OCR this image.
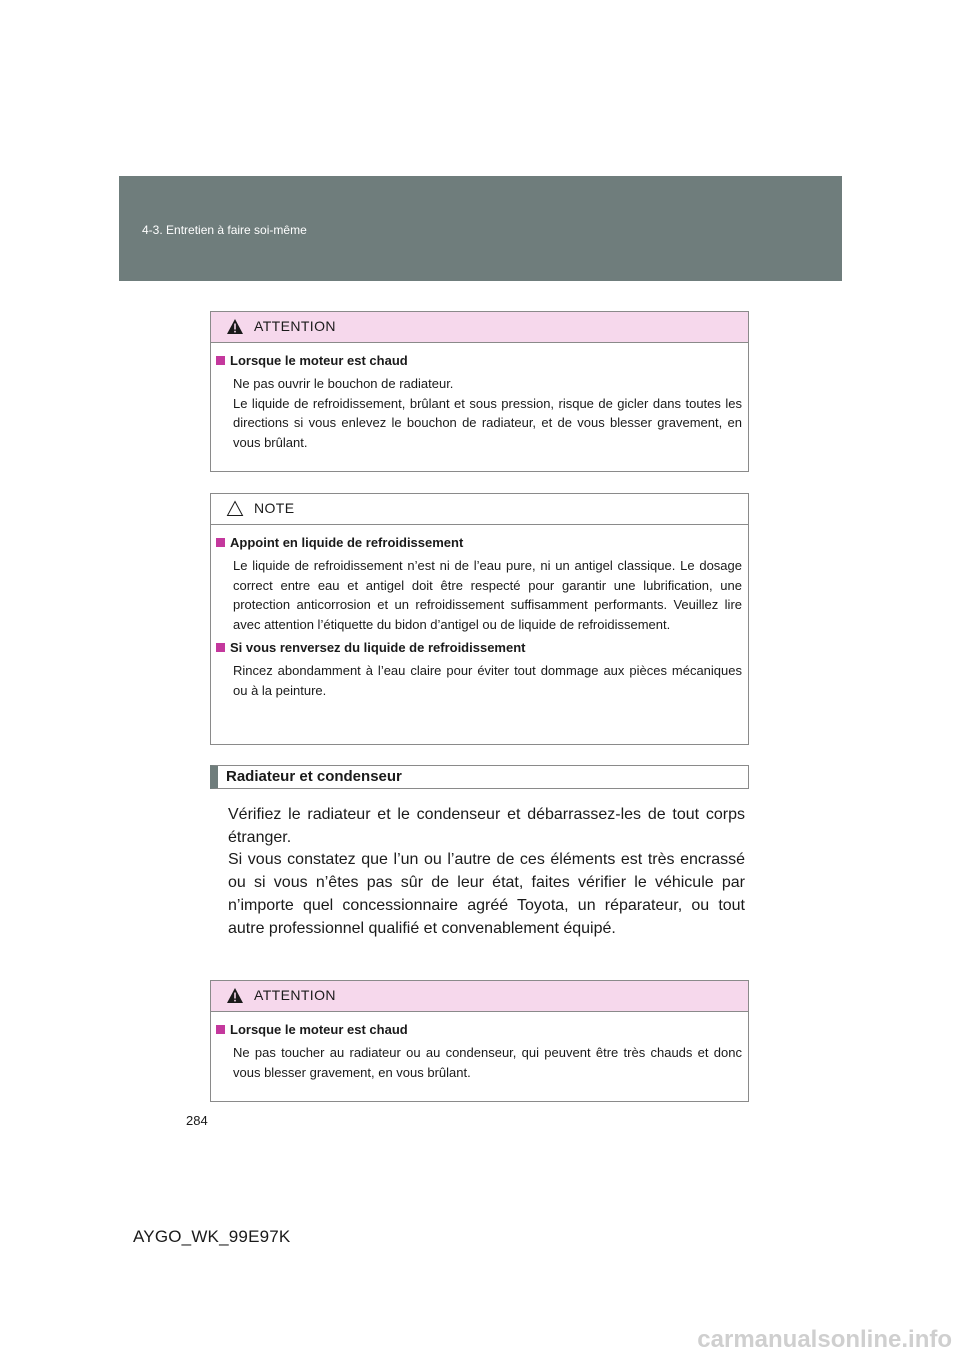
4-3. Entretien à faire soi-même
ATTENTION
Lorsque le moteur est chaud

Ne pas ouvrir le bouchon de radiateur.

Le liquide de refroidissement, brûlant et sous pression, risque de gicler dans toutes les directions si vous enlevez le bouchon de radiateur, et de vous blesser gravement, en vous brûlant.

NOTE
Appoint en liquide de refroidissement
Le liquide de refroidissement n’est ni de l’eau pure, ni un antigel classique. Le dosage correct entre eau et antigel doit être respecté pour garantir une lubrification, une protection anticorrosion et un refroidissement suffisamment performants. Veuillez lire avec attention l’étiquette du bidon d’antigel ou de liquide de refroidissement.
Si vous renversez du liquide de refroidissement
Rincez abondamment à l’eau claire pour éviter tout dommage aux pièces mécaniques ou à la peinture.
Radiateur et condenseur

Vérifiez le radiateur et le condenseur et débarrassez-les de tout corps étranger.

Si vous constatez que l’un ou l’autre de ces éléments est très encrassé ou si vous n’êtes pas sûr de leur état, faites vérifier le véhicule par n’importe quel concessionnaire agréé Toyota, un réparateur, ou tout autre professionnel qualifié et convenablement équipé.

ATTENTION
Lorsque le moteur est chaud
Ne pas toucher au radiateur ou au condenseur, qui peuvent être très chauds et donc vous blesser gravement, en vous brûlant.
284
AYGO_WK_99E97K
carmanualsonline.info
